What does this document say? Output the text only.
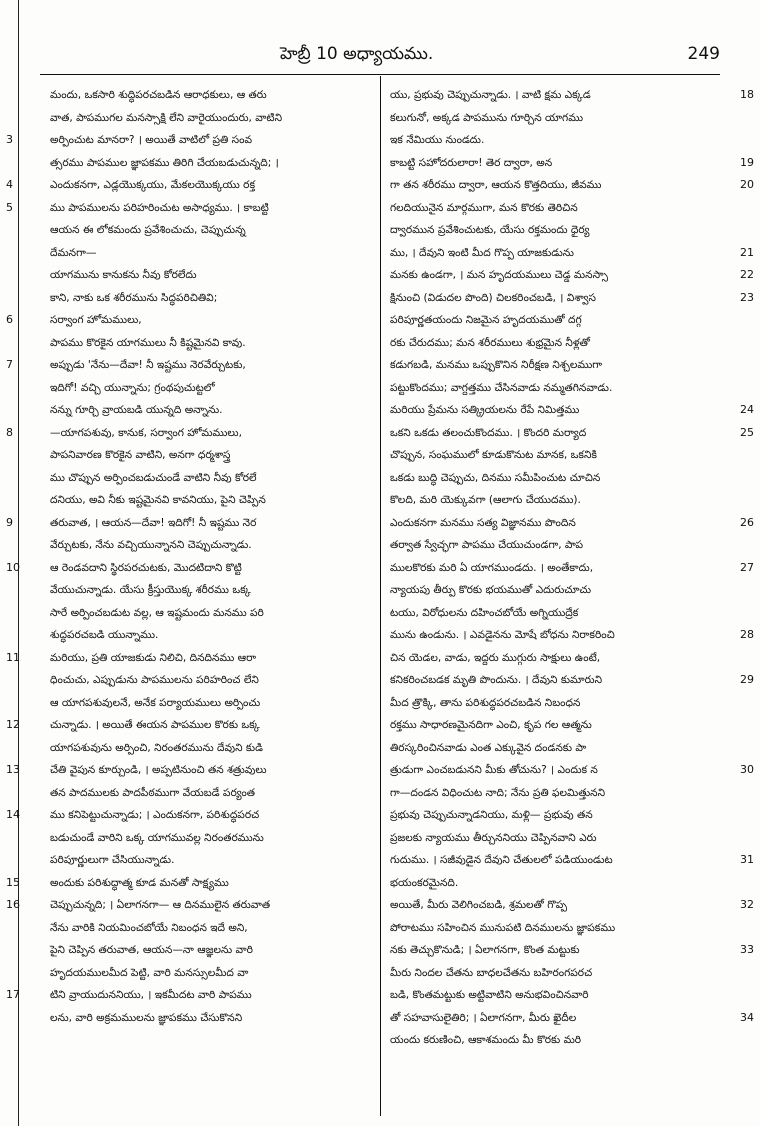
హెబ్రీ 10 అధ్యాయము.	249
మందు, ఒకసారి శుద్ధిపరచబడిన ఆరాధకులు, ఆ తరు
వాత, పాపముగల మనస్సాక్షి లేని వారైయుందురు, వాటిని
3	అర్పించుట మానరా? । అయితే వాటిలో ప్రతి సంవ
త్సరము పాపముల జ్ఞాపకము తిరిగి చేయబడుచున్నది; ।
4	ఎందుకనగా, ఎడ్లయొక్కయు, మేకలయొక్కయు రక్త
5	ము పాపములను పరిహరించుట అసాధ్యము. । కాబట్టి
ఆయన ఈ లోకమందు ప్రవేశించుచు, చెప్పుచున్న
దేమనగా—
యాగమును కానుకను నీవు కోరలేదు
కాని, నాకు ఒక శరీరమును సిద్ధపరిచితివి;
6	సర్వాంగ హోమములు,
పాపము కొరకైన యాగములు నీ కిష్టమైనవి కావు.
7	అప్పుడు 'నేను—దేవా! నీ ఇష్టము నెరవేర్చుటకు,
ఇదిగో! వచ్చి యున్నాను; గ్రంథపుచుట్టలో
నన్ను గూర్చి వ్రాయబడి యున్నది అన్నాను.
8	—యాగపశువు, కానుక, సర్వాంగ హోమములు,
పాపనివారణ కొరకైన వాటిని, అనగా ధర్మశాస్త్ర
ము చొప్పున అర్పించబడుచుండే వాటిని నీవు కోరలే
దనియు, అవి నీకు ఇష్టమైనవి కావనియు, పైని చెప్పిన
9	తరువాత, । ఆయన—దేవా! ఇదిగో! నీ ఇష్టము నెర
వేర్చుటకు, నేను వచ్చియున్నానని చెప్పుచున్నాడు.
10	ఆ రెండవదాని స్థిరపరచుటకు, మొదటిదాని కొట్టి
వేయుచున్నాడు. యేసు క్రీస్తుయొక్క శరీరము ఒక్క
సారే అర్పించబడుట వల్ల, ఆ ఇష్టమందు మనము పరి
శుద్ధపరచబడి యున్నాము.
11	మరియు, ప్రతి యాజకుడు నిలిచి, దినదినము ఆరా
ధించుచు, ఎప్పుడును పాపములను పరిహరించ లేని
ఆ యాగపశువులనే, అనేక పర్యాయములు అర్పించు
12	చున్నాడు. । అయితే ఈయన పాపముల కొరకు ఒక్క
యాగపశువును అర్పించి, నిరంతరమును దేవుని కుడి
13	చేతి వైపున కూర్చుండి, । అప్పటినుంచి తన శత్రువులు
తన పాదములకు పాదపీఠముగా వేయబడే పర్యంత
14	ము కనిపెట్టుచున్నాడు; । ఎందుకనగా, పరిశుద్ధపరచ
బడుచుండే వారిని ఒక్క యాగమువల్ల నిరంతరమును
పరిపూర్ణులుగా చేసియున్నాడు.
15	అందుకు పరిశుద్ధాత్మ కూడ మనతో సాక్ష్యము
16	చెప్పుచున్నది; । ఏలాగనగా— ఆ దినములైన తరువాత
నేను వారికి నియమించబోయే నిబంధన ఇదే అని,
పైని చెప్పిన తరువాత, ఆయన—నా ఆజ్ఞలను వారి
హృదయములమీద పెట్టి, వారి మనస్సులమీద వా
17	టిని వ్రాయుదుననియు, । ఇకమీదట వారి పాపము
లను, వారి అక్రమములను జ్ఞాపకము చేసుకొనని
18
యు, ప్రభువు చెప్పుచున్నాడు. । వాటి క్షమ ఎక్కడ
కలుగునో, అక్కడ పాపమును గూర్చిన యాగము
ఇక నేమియు నుండదు.
19
కాబట్టి సహోదరులారా! తెర ద్వారా, అన
20
గా తన శరీరము ద్వారా, ఆయన కొత్తదియు, జీవము
గలదియునైన మార్గముగా, మన కొరకు తెరిచిన
ద్వారమున ప్రవేశించుటకు, యేసు రక్తమందు ధైర్య
21
ము, । దేవుని ఇంటి మీద గొప్ప యాజకుడును
22
మనకు ఉండగా, । మన హృదయములు చెడ్డ మనస్సా
23
క్షినుంచి (విడుదల పొంది) చిలకరించబడి, । విశ్వాస
పరిపూర్ణతయందు నిజమైన హృదయముతో దగ్గ
రకు చేరుదము; మన శరీరములు శుభ్రమైన నీళ్లతో
కడుగబడి, మనము ఒప్పుకొనిన నిరీక్షణ నిశ్చలముగా
పట్టుకొందము; వాగ్దత్తము చేసినవాడు నమ్మతగినవాడు.
24
మరియు ప్రేమను సత్క్రియలను రేపే నిమిత్తము
25
ఒకని ఒకడు తలంచుకొందము. । కొందరి మర్యాద
చొప్పున, సంఘములో కూడుకొనుట మానక, ఒకనికి
ఒకడు బుద్ధి చెప్పుచు, దినము సమీపించుట చూచిన
కొలది, మరి యెక్కువగా (ఆలాగు చేయుదము).
26
ఎందుకనగా మనము సత్య విజ్ఞానము పొందిన
తర్వాత స్వేచ్ఛగా పాపము చేయుచుండగా, పాప
27
ములకొరకు మరి ఏ యాగముండదు. । అంతేకాదు,
న్యాయపు తీర్పు కొరకు భయముతో ఎదురుచూచు
టయు, విరోధులను దహించబోయే అగ్నియుద్రేక
28
మును ఉండును. । ఎవడైనను మోషే బోధను నిరాకరించి
చిన యెడల, వాడు, ఇద్దరు ముగ్గురు సాక్షులు ఉంటే,
29
కనికరించబడక మృతి పొందును. । దేవుని కుమారుని
మీద త్రొక్కి, తాను పరిశుద్ధపరచబడిన నిబంధన
రక్తము సాధారణమైనదిగా ఎంచి, కృప గల ఆత్మను
తిరస్కరించినవాడు ఎంత ఎక్కువైన దండనకు పా
30
త్రుడుగా ఎంచబడునని మీకు తోచును? । ఎందుక న
గా—దండన విధించుట నాది; నేను ప్రతి ఫలమిత్తునని
ప్రభువు చెప్పుచున్నాడనియు, మళ్లి— ప్రభువు తన
ప్రజలకు న్యాయము తీర్చుననియు చెప్పినవాని ఎరు
31
గుదుము. । సజీవుడైన దేవుని చేతులలో పడియుండుట
భయంకరమైనది.
32
అయితే, మీరు వెలిగించబడి, శ్రమలతో గొప్ప
పోరాటము సహించిన మునుపటి దినములను జ్ఞాపకము
33
నకు తెచ్చుకొనుడి; । ఏలాగనగా, కొంత మట్టుకు
మీరు నిందల చేతను బాధలచేతను బహిరంగపరచ
బడి, కొంతమట్టుకు అట్టివాటిని అనుభవించినవారి
34
తో సహవాసులైతిరి; । ఏలాగనగా, మీరు ఖైదీల
యందు కరుణించి, ఆకాశమందు మీ కొరకు మరి
